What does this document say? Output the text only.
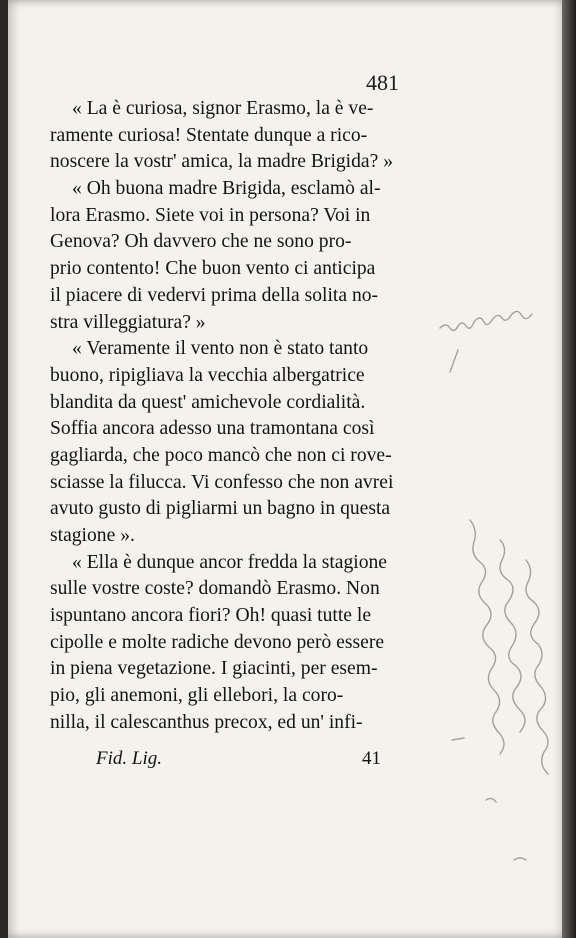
481
« La è curiosa, signor Erasmo, la è ve-
ramente curiosa! Stentate dunque a rico-
noscere la vostr' amica, la madre Brigida? »
« Oh buona madre Brigida, esclamò al-
lora Erasmo. Siete voi in persona? Voi in
Genova? Oh davvero che ne sono pro-
prio contento! Che buon vento ci anticipa
il piacere di vedervi prima della solita no-
stra villeggiatura? »
« Veramente il vento non è stato tanto
buono, ripigliava la vecchia albergatrice
blandita da quest' amichevole cordialità.
Soffia ancora adesso una tramontana così
gagliarda, che poco mancò che non ci rove-
sciasse la filucca. Vi confesso che non avrei
avuto gusto di pigliarmi un bagno in questa
stagione ».
« Ella è dunque ancor fredda la stagione
sulle vostre coste? domandò Erasmo. Non
ispuntano ancora fiori? Oh! quasi tutte le
cipolle e molte radiche devono però essere
in piena vegetazione. I giacinti, per esem-
pio, gli anemoni, gli ellebori, la coro-
nilla, il calescanthus precox, ed un' infi-
Fid. Lig.	41
